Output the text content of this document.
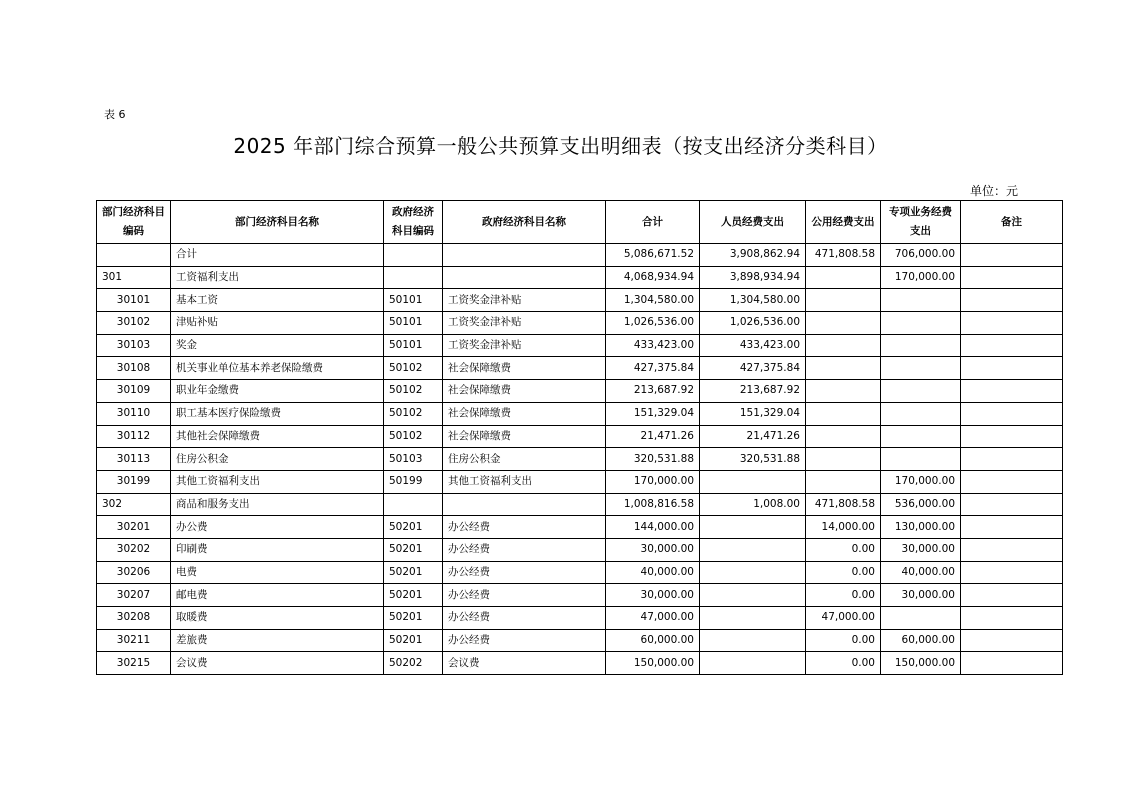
表 6
2025 年部门综合预算一般公共预算支出明细表（按支出经济分类科目）
单位：元
部门经济科目编码	部门经济科目名称	政府经济科目编码	政府经济科目名称	合计	人员经费支出	公用经费支出	专项业务经费支出	备注
	合计			5,086,671.52	3,908,862.94	471,808.58	706,000.00	
301	工资福利支出			4,068,934.94	3,898,934.94		170,000.00	
30101	基本工资	50101	工资奖金津补贴	1,304,580.00	1,304,580.00			
30102	津贴补贴	50101	工资奖金津补贴	1,026,536.00	1,026,536.00			
30103	奖金	50101	工资奖金津补贴	433,423.00	433,423.00			
30108	机关事业单位基本养老保险缴费	50102	社会保障缴费	427,375.84	427,375.84			
30109	职业年金缴费	50102	社会保障缴费	213,687.92	213,687.92			
30110	职工基本医疗保险缴费	50102	社会保障缴费	151,329.04	151,329.04			
30112	其他社会保障缴费	50102	社会保障缴费	21,471.26	21,471.26			
30113	住房公积金	50103	住房公积金	320,531.88	320,531.88			
30199	其他工资福利支出	50199	其他工资福利支出	170,000.00			170,000.00	
302	商品和服务支出			1,008,816.58	1,008.00	471,808.58	536,000.00	
30201	办公费	50201	办公经费	144,000.00		14,000.00	130,000.00	
30202	印刷费	50201	办公经费	30,000.00		0.00	30,000.00	
30206	电费	50201	办公经费	40,000.00		0.00	40,000.00	
30207	邮电费	50201	办公经费	30,000.00		0.00	30,000.00	
30208	取暖费	50201	办公经费	47,000.00		47,000.00		
30211	差旅费	50201	办公经费	60,000.00		0.00	60,000.00	
30215	会议费	50202	会议费	150,000.00		0.00	150,000.00	
